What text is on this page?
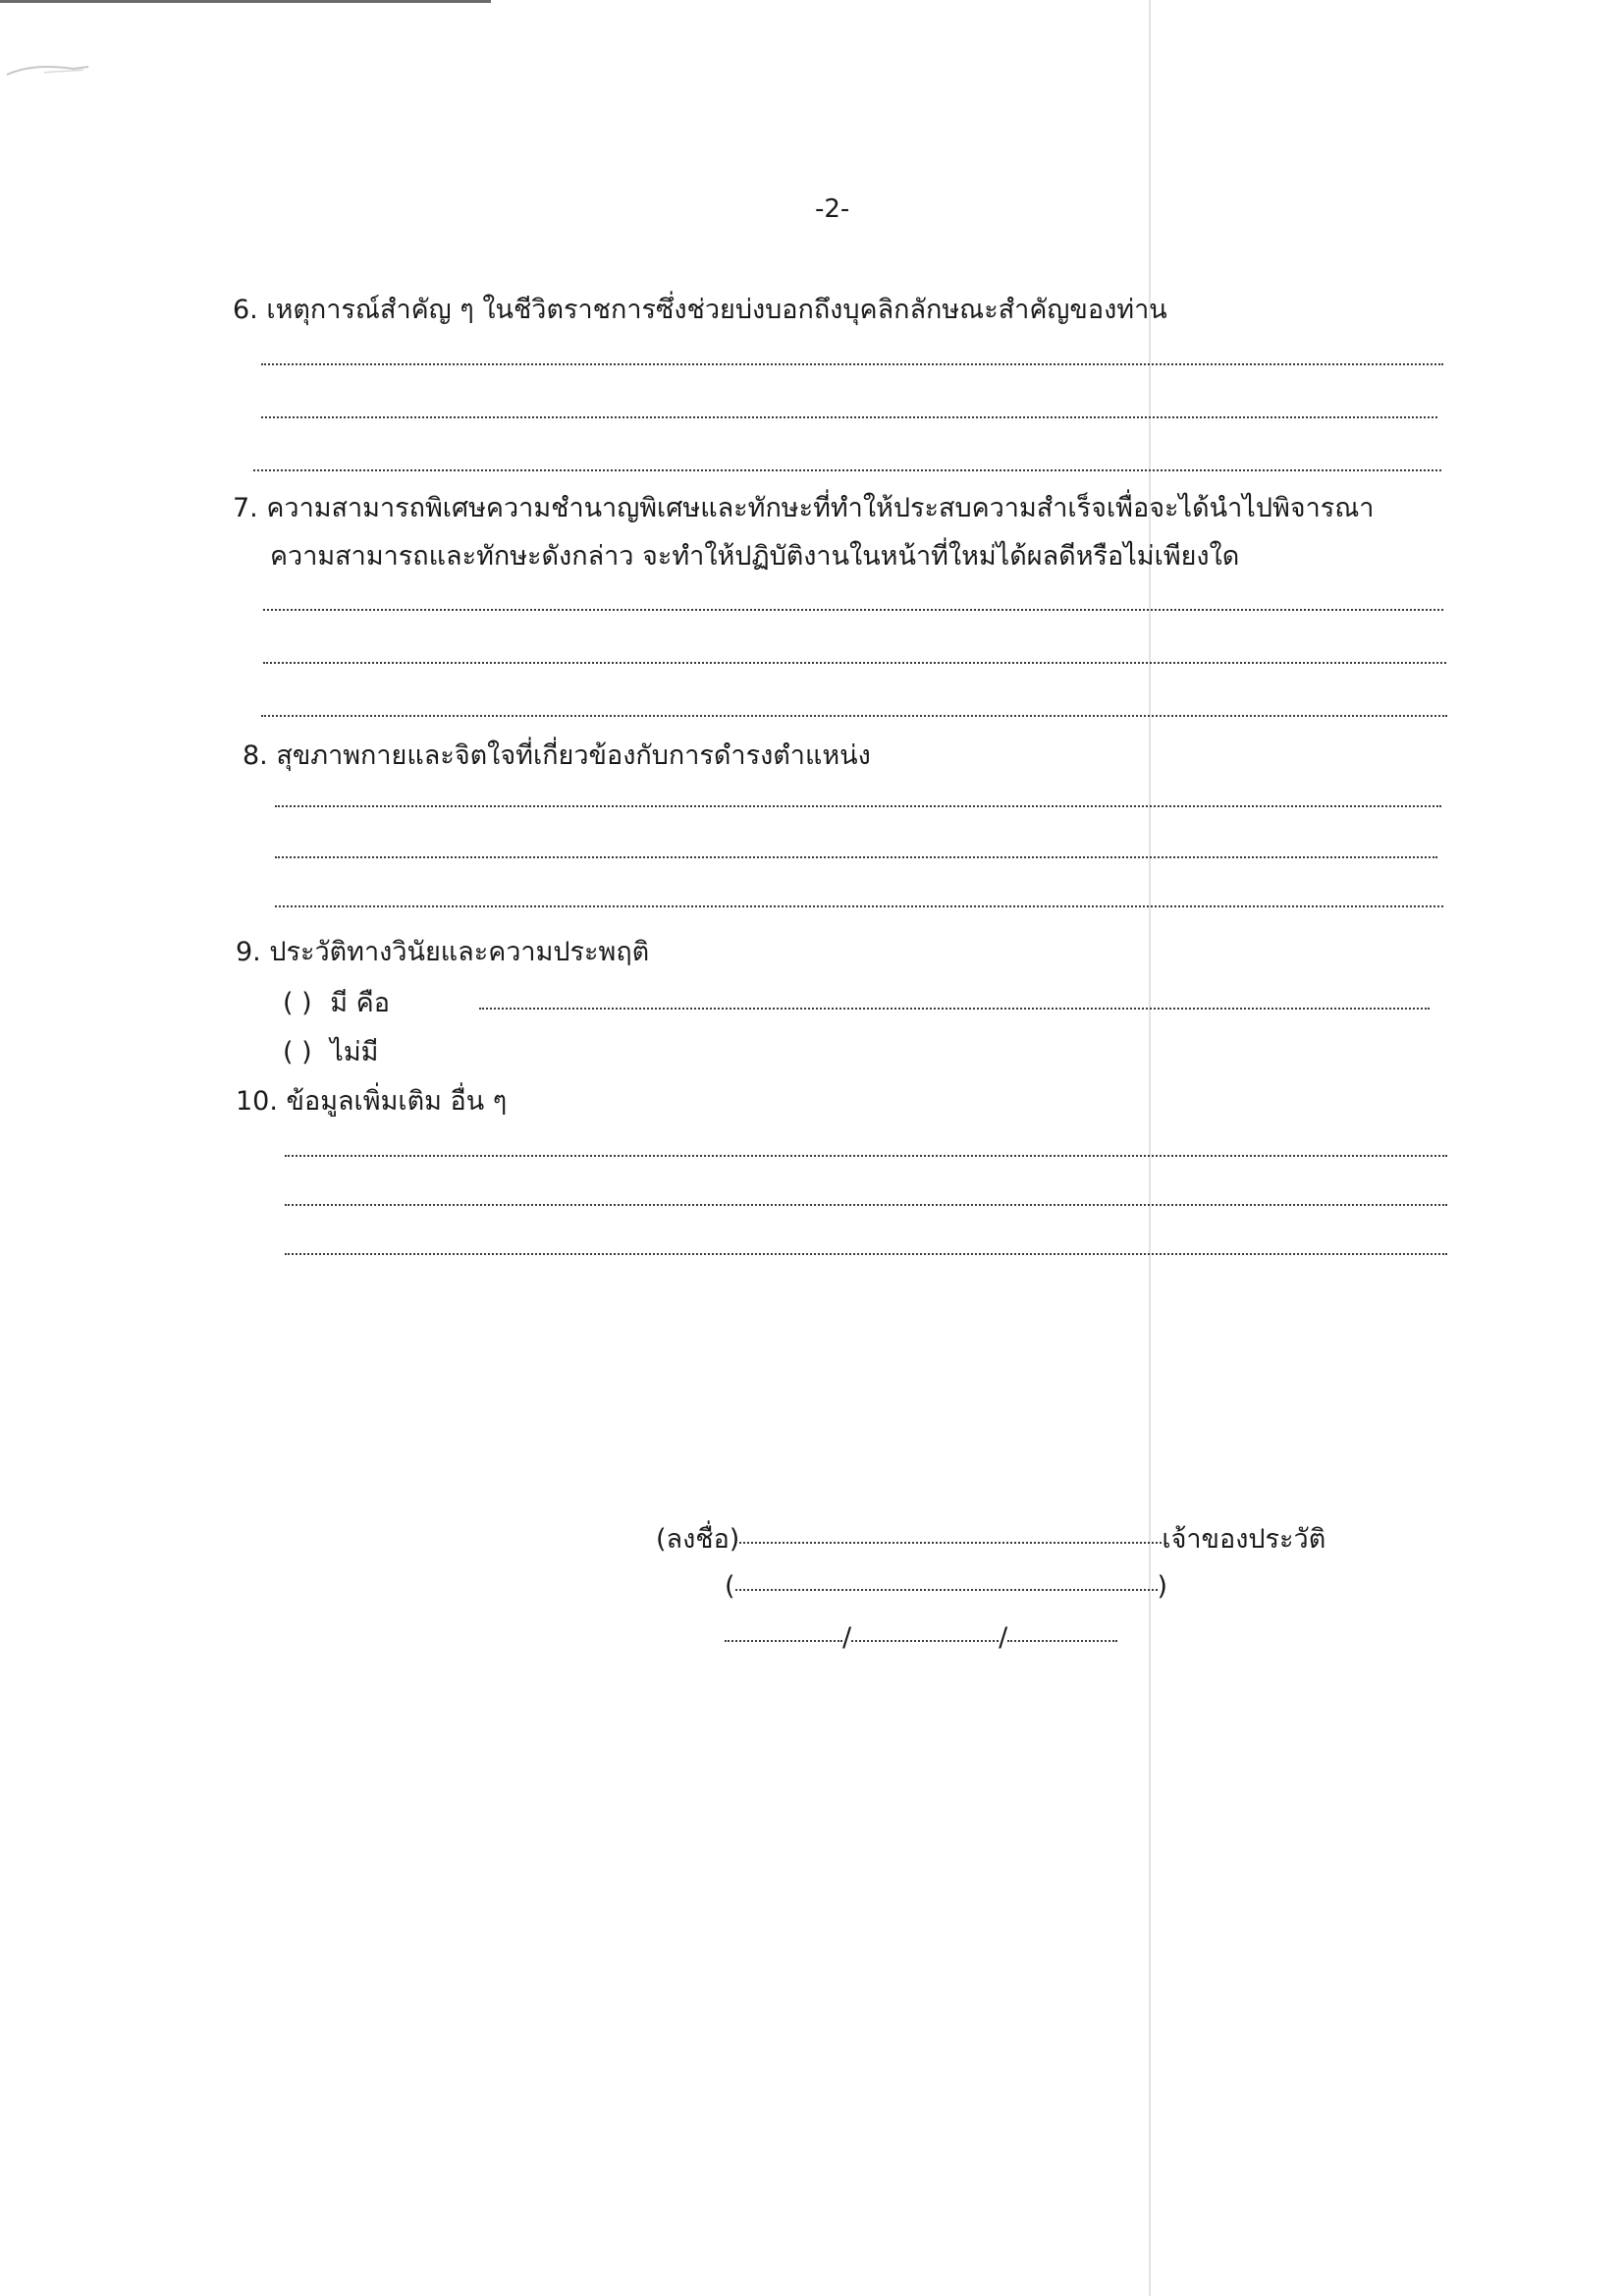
-2-
6. เหตุการณ์สำคัญ ๆ ในชีวิตราชการซึ่งช่วยบ่งบอกถึงบุคลิกลักษณะสำคัญของท่าน
7. ความสามารถพิเศษความชำนาญพิเศษและทักษะที่ทำให้ประสบความสำเร็จเพื่อจะได้นำไปพิจารณา
ความสามารถและทักษะดังกล่าว จะทำให้ปฏิบัติงานในหน้าที่ใหม่ได้ผลดีหรือไม่เพียงใด
8. สุขภาพกายและจิตใจที่เกี่ยวข้องกับการดำรงตำแหน่ง
9. ประวัติทางวินัยและความประพฤติ
( ) มี คือ
( ) ไม่มี
10. ข้อมูลเพิ่มเติม อื่น ๆ
(ลงชื่อ)	เจ้าของประวัติ
(	)
/	/
